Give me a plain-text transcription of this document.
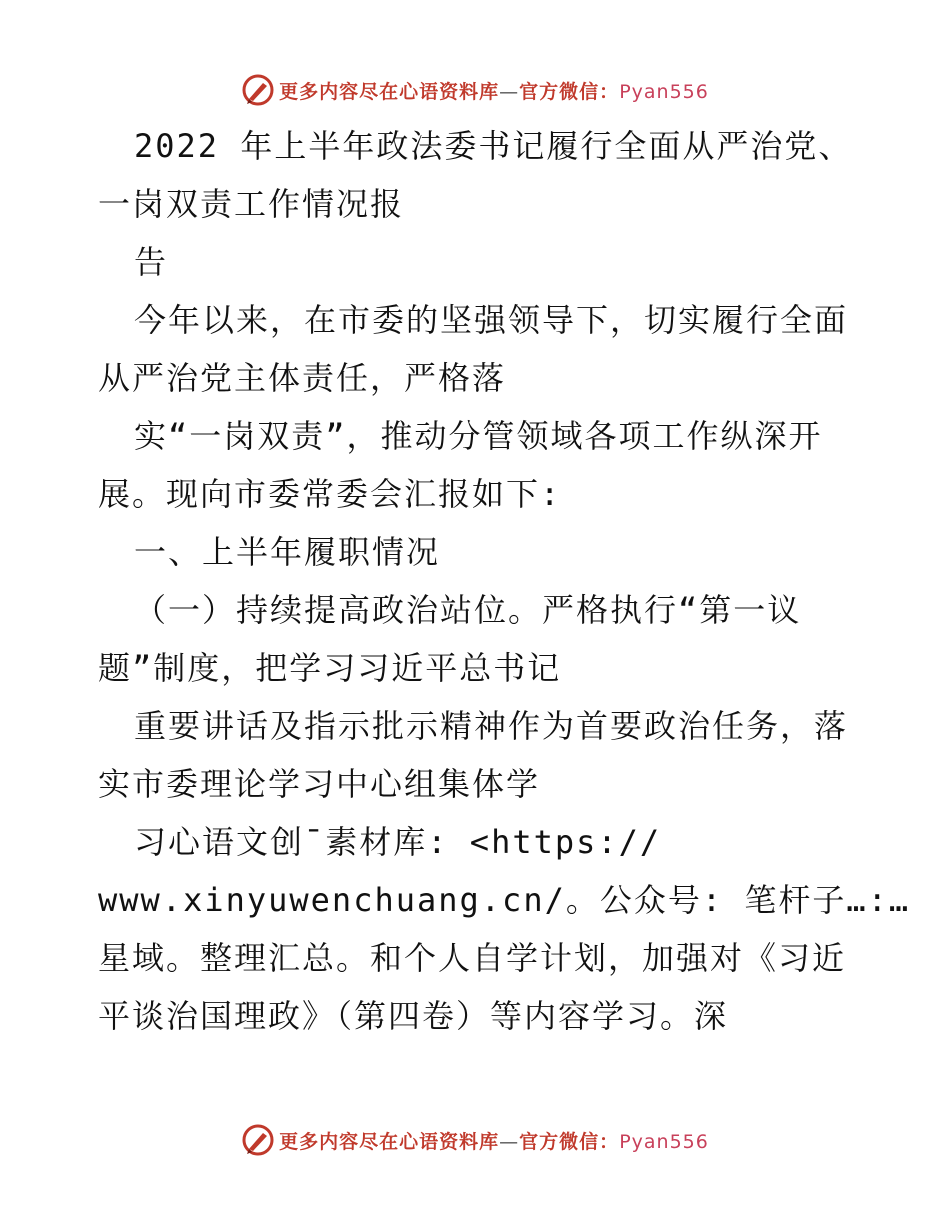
更多内容尽在心语资料库—官方微信：Pyan556
2022 年上半年政法委书记履行全面从严治党、
一岗双责工作情况报
告
今年以来，在市委的坚强领导下，切实履行全面
从严治党主体责任，严格落
实“一岗双责”，推动分管领域各项工作纵深开
展。现向市委常委会汇报如下:
一、上半年履职情况
（一）持续提高政治站位。严格执行“第一议
题”制度，把学习习近平总书记
重要讲话及指示批示精神作为首要政治任务，落
实市委理论学习中心组集体学
习心语文创¯素材库: <https://
www.xinyuwenchuang.cn/。公众号: 笔杆子…:…
星域。整理汇总。和个人自学计划，加强对《习近
平谈治国理政》（第四卷）等内容学习。深
更多内容尽在心语资料库—官方微信：Pyan556
